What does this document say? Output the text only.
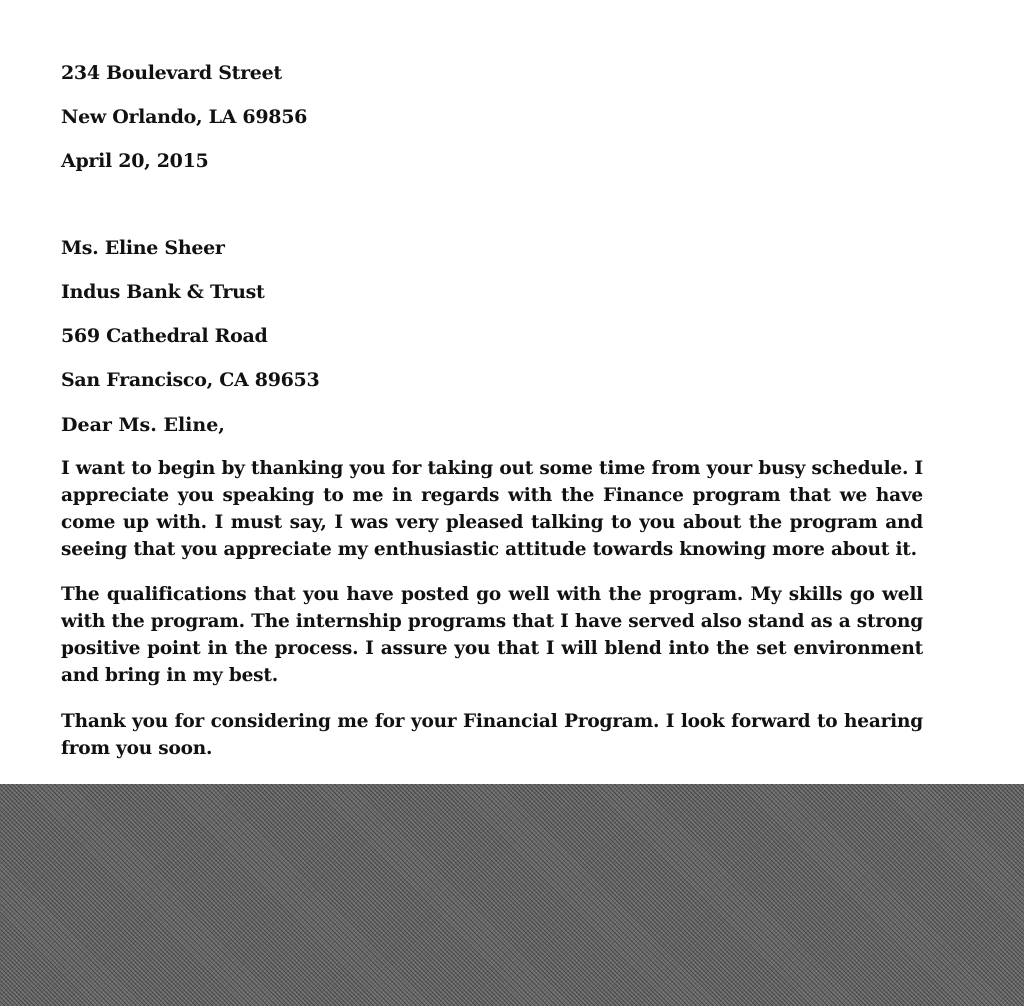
234 Boulevard Street
New Orlando, LA 69856
April 20, 2015
Ms. Eline Sheer
Indus Bank & Trust
569 Cathedral Road
San Francisco, CA 89653
Dear Ms. Eline,
I want to begin by thanking you for taking out some time from your busy schedule. I appreciate you speaking to me in regards with the Finance program that we have come up with. I must say, I was very pleased talking to you about the program and seeing that you appreciate my enthusiastic attitude towards knowing more about it.
The qualifications that you have posted go well with the program. My skills go well with the program. The internship programs that I have served also stand as a strong positive point in the process. I assure you that I will blend into the set environment and bring in my best.
Thank you for considering me for your Financial Program. I look forward to hearing from you soon.
